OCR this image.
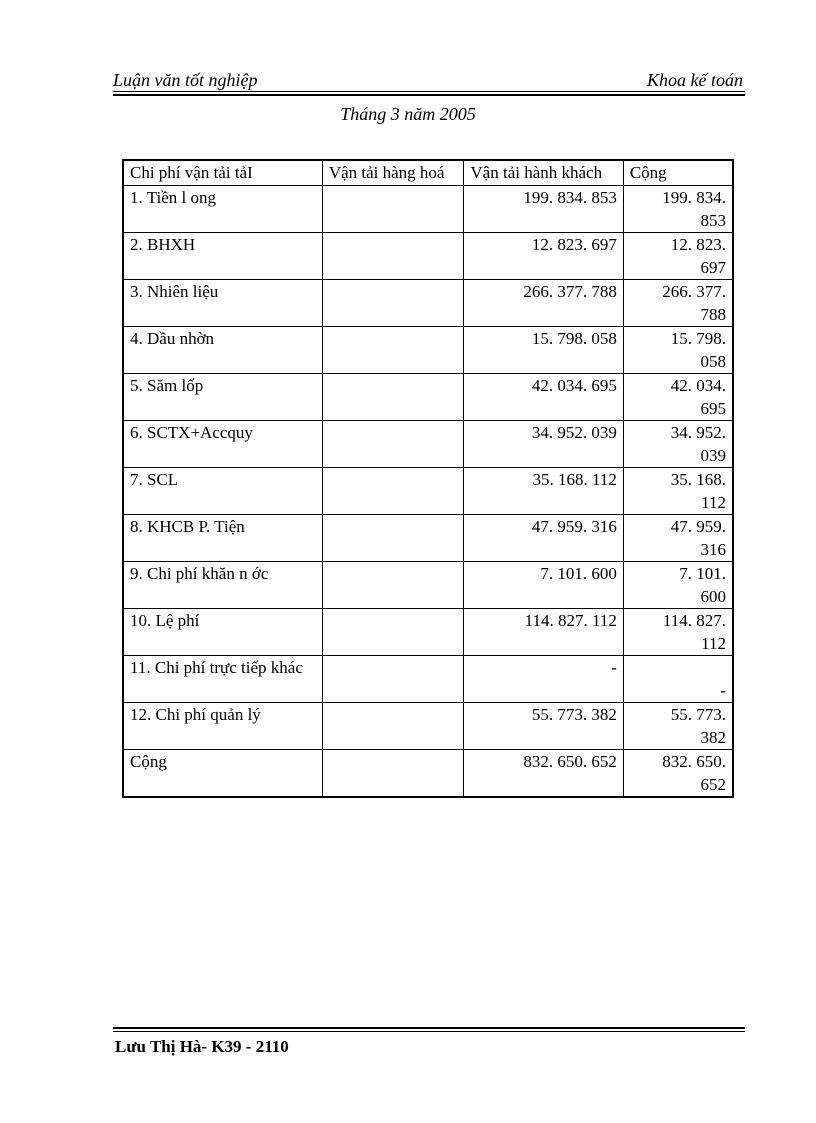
Luận văn tốt nghiệp	Khoa kế toán
Tháng 3 năm 2005
Chi phí vận tải tảI	Vận tải hàng hoá	Vận tải hành khách	Cộng
1. Tiền l ong		199. 834. 853	199. 834.
853

2. BHXH		12. 823. 697	12. 823.
697

3. Nhiên liệu		266. 377. 788	266. 377.
788

4. Dầu nhờn		15. 798. 058	15. 798.
058

5. Săm lốp		42. 034. 695	42. 034.
695

6. SCTX+Accquy		34. 952. 039	34. 952.
039

7. SCL		35. 168. 112	35. 168.
112

8. KHCB P. Tiện		47. 959. 316	47. 959.
316

9. Chi phí khăn n ớc		7. 101. 600	7. 101.
600

10. Lệ phí		114. 827. 112	114. 827.
112

11. Chi phí trực tiếp khác		-	-

12. Chi phí quản lý		55. 773. 382	55. 773.
382

Cộng		832. 650. 652	832. 650.
652
Lưu Thị Hà- K39 - 2110
